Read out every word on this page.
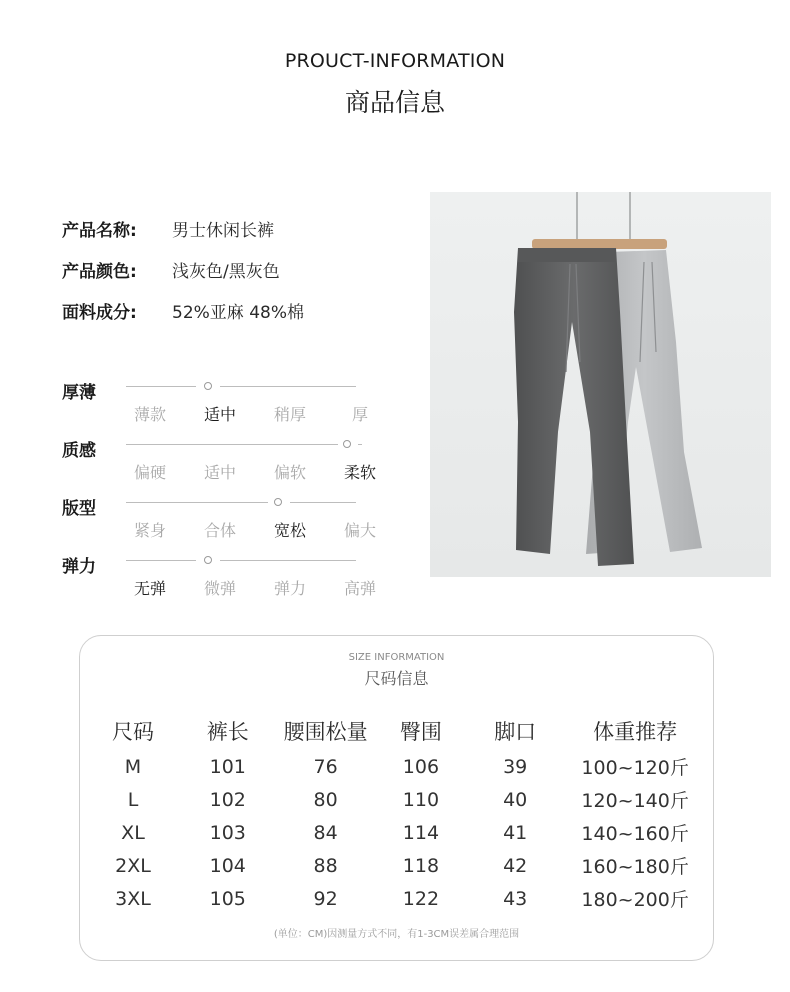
PROUCT-INFORMATION
商品信息
产品名称:	男士休闲长裤
产品颜色:	浅灰色/黑灰色
面料成分:	52%亚麻 48%棉
厚薄
薄款	适中	稍厚	厚
质感
偏硬	适中	偏软	柔软
版型
紧身	合体	宽松	偏大
弹力
无弹	微弹	弹力	高弹
SIZE INFORMATION
尺码信息
尺码	裤长	腰围松量	臀围	脚口	体重推荐
M	101	76	106	39	100~120斤
L	102	80	110	40	120~140斤
XL	103	84	114	41	140~160斤
2XL	104	88	118	42	160~180斤
3XL	105	92	122	43	180~200斤
(单位：CM)因测量方式不同，有1-3CM误差属合理范围
